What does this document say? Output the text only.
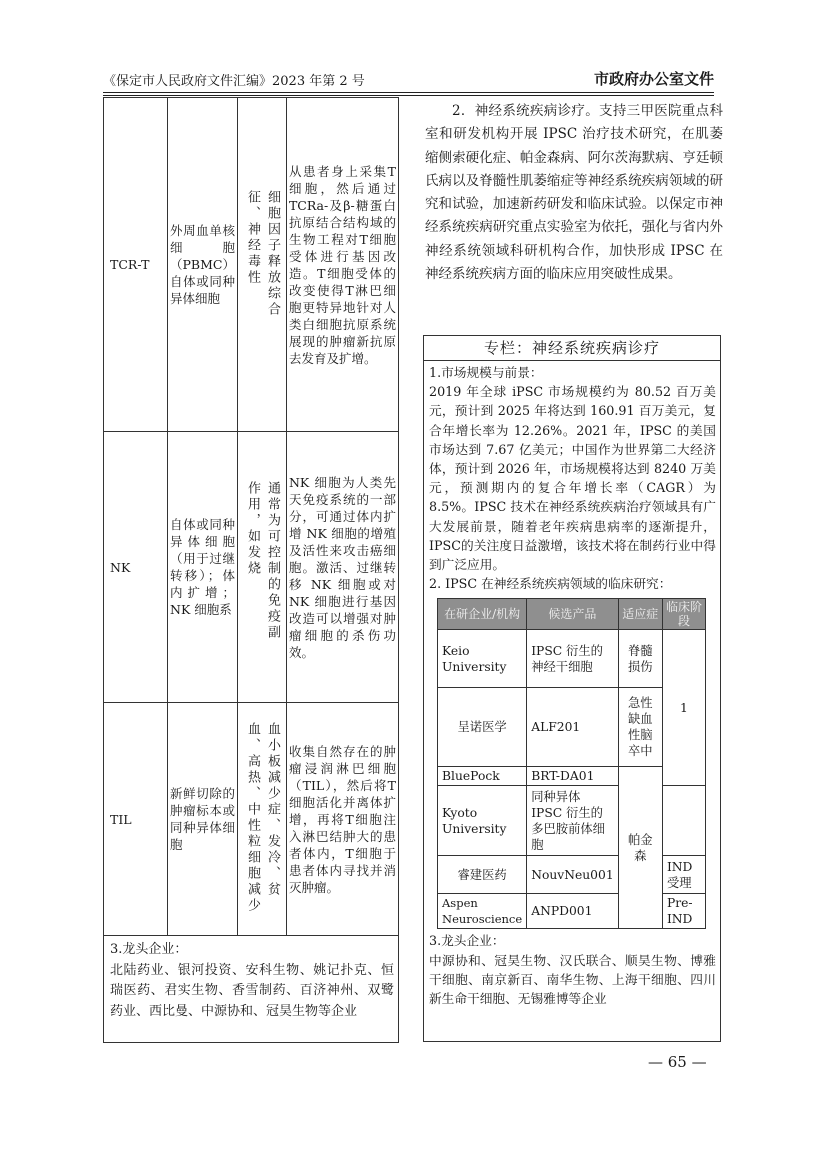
《保定市人民政府文件汇编》2023 年第 2 号	市政府办公室文件
TCR-T	外周血单核细胞（PBMC）自体或同种异体细胞	细胞因子释放综合征、神经毒性	从患者身上采集T细胞，然后通过TCRa-及β-糖蛋白抗原结合结构域的生物工程对T细胞受体进行基因改造。T细胞受体的改变使得T淋巴细胞更特异地针对人类白细胞抗原系统展现的肿瘤新抗原去发育及扩增。
NK	自体或同种异体细胞（用于过继转移）；体内扩增；NK 细胞系	通常为可控制的免疫副作用，如发烧	NK 细胞为人类先天免疫系统的一部分，可通过体内扩增 NK 细胞的增殖及活性来攻击癌细胞。激活、过继转移 NK 细胞或对 NK 细胞进行基因改造可以增强对肿瘤细胞的杀伤功效。
TIL	新鲜切除的肿瘤标本或同种异体细胞	血小板减少症、发冷、贫血、高热、中性粒细胞减少	收集自然存在的肿瘤浸润淋巴细胞（TIL），然后将T细胞活化并离体扩增，再将T细胞注入淋巴结肿大的患者体内，T细胞于患者体内寻找并消灭肿瘤。

3.龙头企业：

北陆药业、银河投资、安科生物、姚记扑克、恒瑞医药、君实生物、香雪制药、百济神州、双鹭药业、西比曼、中源协和、冠昊生物等企业			

2．神经系统疾病诊疗。支持三甲医院重点科室和研发机构开展 IPSC 治疗技术研究，在肌萎缩侧索硬化症、帕金森病、阿尔茨海默病、亨廷顿氏病以及脊髓性肌萎缩症等神经系统疾病领域的研究和试验，加速新药研发和临床试验。以保定市神经系统疾病研究重点实验室为依托，强化与省内外神经系统领域科研机构合作，加快形成 IPSC 在神经系统疾病方面的临床应用突破性成果。

专栏：神经系统疾病诊疗

1.市场规模与前景：

2019 年全球 iPSC 市场规模约为 80.52 百万美元，预计到 2025 年将达到 160.91 百万美元，复合年增长率为 12.26%。2021 年，IPSC 的美国市场达到 7.67 亿美元；中国作为世界第二大经济体，预计到 2026 年，市场规模将达到 8240 万美元，预测期内的复合年增长率（CAGR）为 8.5%。IPSC 技术在神经系统疾病治疗领域具有广大发展前景，随着老年疾病患病率的逐渐提升，IPSC的关注度日益激增，该技术将在制药行业中得到广泛应用。

2. IPSC 在神经系统疾病领域的临床研究：

在研企业/机构	候选产品	适应症	临床阶段
Keio University	IPSC 衍生的神经干细胞	脊髓损伤	1
呈诺医学	ALF201	急性缺血性脑卒中	
BluePock	BRT-DA01	帕金森	
Kyoto University	同种异体 IPSC 衍生的多巴胺前体细胞		
睿建医药	NouvNeu001		IND 受理
Aspen Neuroscience	ANPD001		Pre-IND

3.龙头企业：

中源协和、冠昊生物、汉氏联合、顺昊生物、博雅干细胞、南京新百、南华生物、上海干细胞、四川新生命干细胞、无锡雅博等企业

— 65 —
